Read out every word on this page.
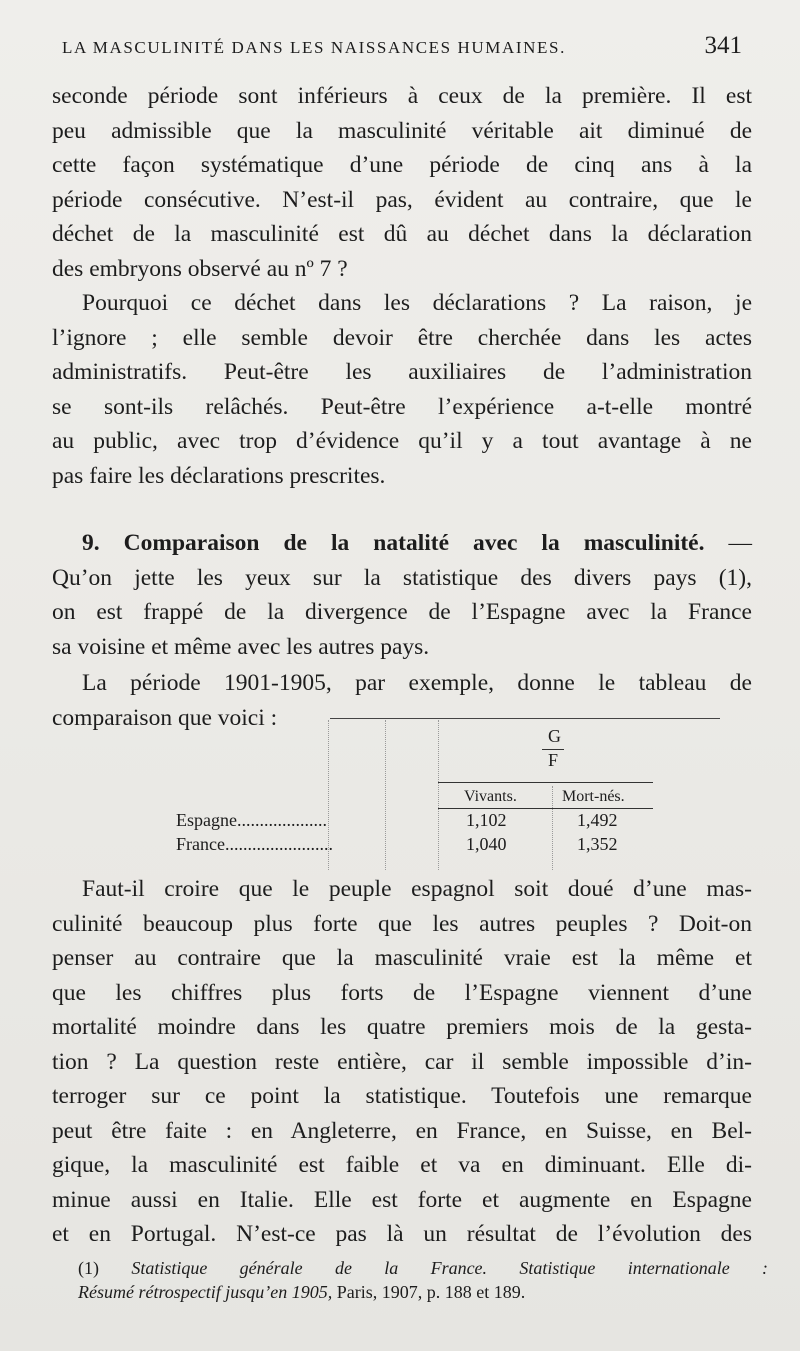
LA MASCULINITÉ DANS LES NAISSANCES HUMAINES.	341
seconde période sont inférieurs à ceux de la première. Il est
peu admissible que la masculinité véritable ait diminué de
cette façon systématique d’une période de cinq ans à la
période consécutive. N’est-il pas, évident au contraire, que le
déchet de la masculinité est dû au déchet dans la déclaration
des embryons observé au nº 7 ?
Pourquoi ce déchet dans les déclarations ? La raison, je
l’ignore ; elle semble devoir être cherchée dans les actes
administratifs. Peut-être les auxiliaires de l’administration
se sont-ils relâchés. Peut-être l’expérience a-t-elle montré
au public, avec trop d’évidence qu’il y a tout avantage à ne
pas faire les déclarations prescrites.
9. Comparaison de la natalité avec la masculinité. —
Qu’on jette les yeux sur la statistique des divers pays (1),
on est frappé de la divergence de l’Espagne avec la France
sa voisine et même avec les autres pays.
La période 1901-1905, par exemple, donne le tableau de
comparaison que voici :
G
F
Vivants.	Mort-nés.
Espagne....................	1,102	1,492
France........................	1,040	1,352
Faut-il croire que le peuple espagnol soit doué d’une mas-
culinité beaucoup plus forte que les autres peuples ? Doit-on
penser au contraire que la masculinité vraie est la même et
que les chiffres plus forts de l’Espagne viennent d’une
mortalité moindre dans les quatre premiers mois de la gesta-
tion ? La question reste entière, car il semble impossible d’in-
terroger sur ce point la statistique. Toutefois une remarque
peut être faite : en Angleterre, en France, en Suisse, en Bel-
gique, la masculinité est faible et va en diminuant. Elle di-
minue aussi en Italie. Elle est forte et augmente en Espagne
et en Portugal. N’est-ce pas là un résultat de l’évolution des
(1) Statistique générale de la France. Statistique internationale :
Résumé rétrospectif jusqu’en 1905, Paris, 1907, p. 188 et 189.
